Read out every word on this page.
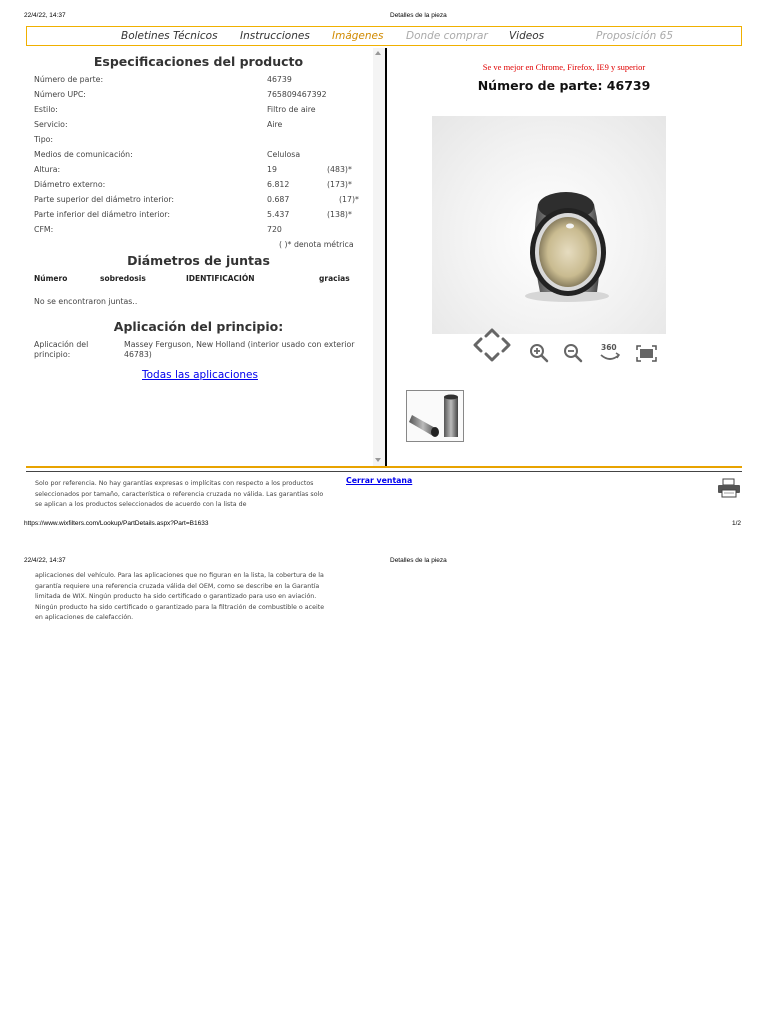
22/4/22, 14:37	Detalles de la pieza
Boletines Técnicos Instrucciones Imágenes Donde comprar Videos	Proposición 65
Especificaciones del producto
Número de parte:	46739
Número UPC:	765809467392
Estilo:	Filtro de aire
Servicio:	Aire
Tipo:
Medios de comunicación:	Celulosa
Altura:	19	(483)*
Diámetro externo:	6.812	(173)*
Parte superior del diámetro interior:	0.687	(17)*
Parte inferior del diámetro interior:	5.437	(138)*
CFM:	720
( )* denota métrica
Diámetros de juntas
Número	sobredosis	IDENTIFICACIÓN	gracias
No se encontraron juntas..
Aplicación del principio:
Aplicación del principio:
Massey Ferguson, New Holland (interior usado con exterior 46783)
Todas las aplicaciones
Se ve mejor en Chrome, Firefox, IE9 y superior
Número de parte: 46739
360
Solo por referencia. No hay garantías expresas o implícitas con respecto a los productos seleccionados por tamaño, característica o referencia cruzada no válida. Las garantías solo se aplican a los productos seleccionados de acuerdo con la lista de
Cerrar ventana
https://www.wixfilters.com/Lookup/PartDetails.aspx?Part=B1633	1/2
22/4/22, 14:37	Detalles de la pieza
aplicaciones del vehículo. Para las aplicaciones que no figuran en la lista, la cobertura de la garantía requiere una referencia cruzada válida del OEM, como se describe en la Garantía limitada de WIX. Ningún producto ha sido certificado o garantizado para uso en aviación. Ningún producto ha sido certificado o garantizado para la filtración de combustible o aceite en aplicaciones de calefacción.
